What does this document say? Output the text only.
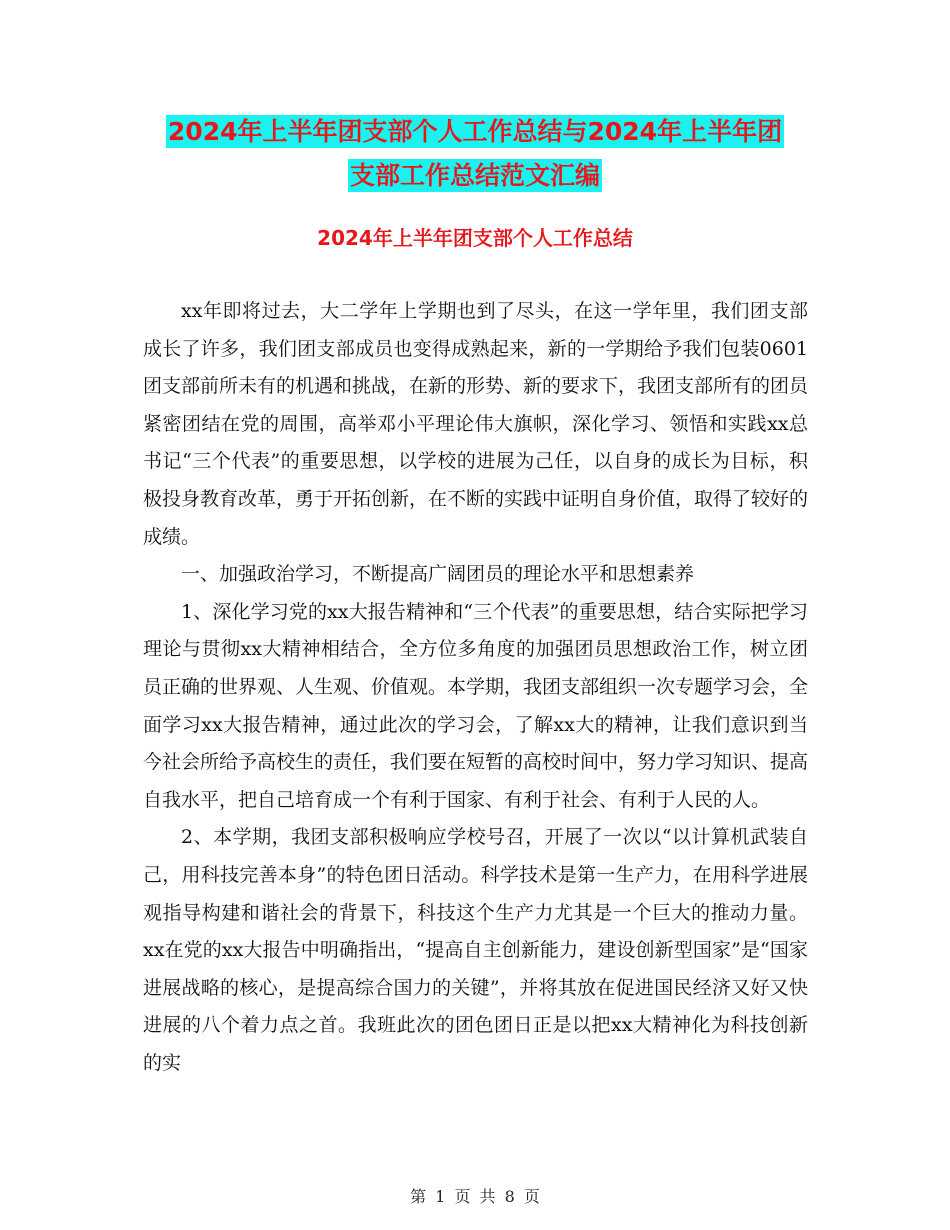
2024年上半年团支部个人工作总结与2024年上半年团
支部工作总结范文汇编
2024年上半年团支部个人工作总结

xx年即将过去，大二学年上学期也到了尽头，在这一学年里，我们团支部成长了许多，我们团支部成员也变得成熟起来，新的一学期给予我们包装0601团支部前所未有的机遇和挑战，在新的形势、新的要求下，我团支部所有的团员紧密团结在党的周围，高举邓小平理论伟大旗帜，深化学习、领悟和实践xx总书记“三个代表”的重要思想，以学校的进展为己任，以自身的成长为目标，积极投身教育改革，勇于开拓创新，在不断的实践中证明自身价值，取得了较好的成绩。

一、加强政治学习，不断提高广阔团员的理论水平和思想素养

1、深化学习党的xx大报告精神和“三个代表”的重要思想，结合实际把学习理论与贯彻xx大精神相结合，全方位多角度的加强团员思想政治工作，树立团员正确的世界观、人生观、价值观。本学期，我团支部组织一次专题学习会，全面学习xx大报告精神，通过此次的学习会，了解xx大的精神，让我们意识到当今社会所给予高校生的责任，我们要在短暂的高校时间中，努力学习知识、提高自我水平，把自己培育成一个有利于国家、有利于社会、有利于人民的人。

2、本学期，我团支部积极响应学校号召，开展了一次以“以计算机武装自己，用科技完善本身”的特色团日活动。科学技术是第一生产力，在用科学进展观指导构建和谐社会的背景下，科技这个生产力尤其是一个巨大的推动力量。xx在党的xx大报告中明确指出，“提高自主创新能力，建设创新型国家”是“国家进展战略的核心，是提高综合国力的关键”，并将其放在促进国民经济又好又快进展的八个着力点之首。我班此次的团色团日正是以把xx大精神化为科技创新的实

第 1 页 共 8 页
